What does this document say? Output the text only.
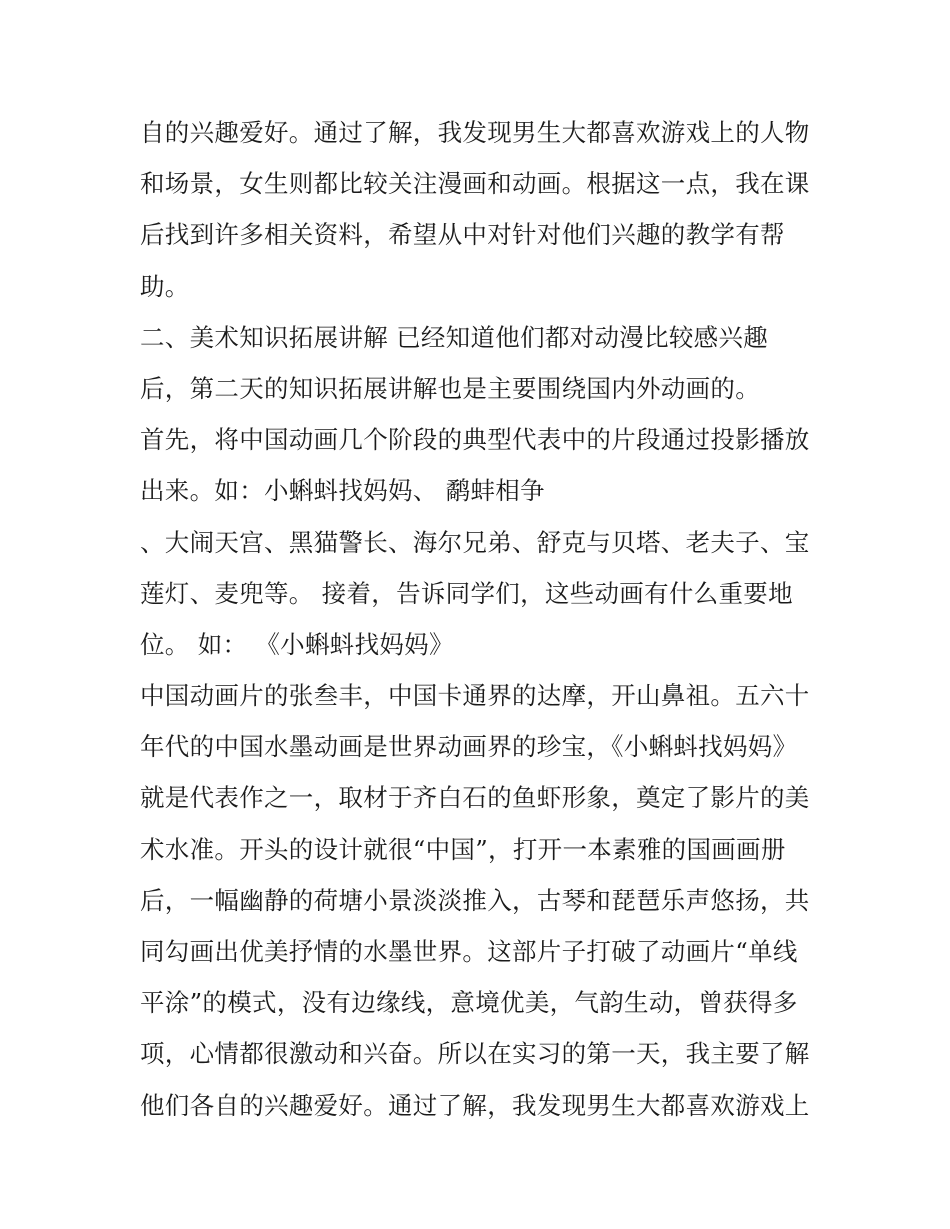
自的兴趣爱好。通过了解，我发现男生大都喜欢游戏上的人物
和场景，女生则都比较关注漫画和动画。根据这一点，我在课
后找到许多相关资料，希望从中对针对他们兴趣的教学有帮
助。
二、美术知识拓展讲解 已经知道他们都对动漫比较感兴趣
后，第二天的知识拓展讲解也是主要围绕国内外动画的。
首先，将中国动画几个阶段的典型代表中的片段通过投影播放
出来。如：小蝌蚪找妈妈、 鹬蚌相争
、大闹天宫、黑猫警长、海尔兄弟、舒克与贝塔、老夫子、宝
莲灯、麦兜等。 接着，告诉同学们，这些动画有什么重要地
位。 如： 《小蝌蚪找妈妈》
中国动画片的张叁丰，中国卡通界的达摩，开山鼻祖。五六十
年代的中国水墨动画是世界动画界的珍宝，《小蝌蚪找妈妈》
就是代表作之一，取材于齐白石的鱼虾形象，奠定了影片的美
术水准。开头的设计就很“中国”，打开一本素雅的国画画册
后，一幅幽静的荷塘小景淡淡推入，古琴和琵琶乐声悠扬，共
同勾画出优美抒情的水墨世界。这部片子打破了动画片“单线
平涂”的模式，没有边缘线，意境优美，气韵生动，曾获得多
项，心情都很激动和兴奋。所以在实习的第一天，我主要了解
他们各自的兴趣爱好。通过了解，我发现男生大都喜欢游戏上
